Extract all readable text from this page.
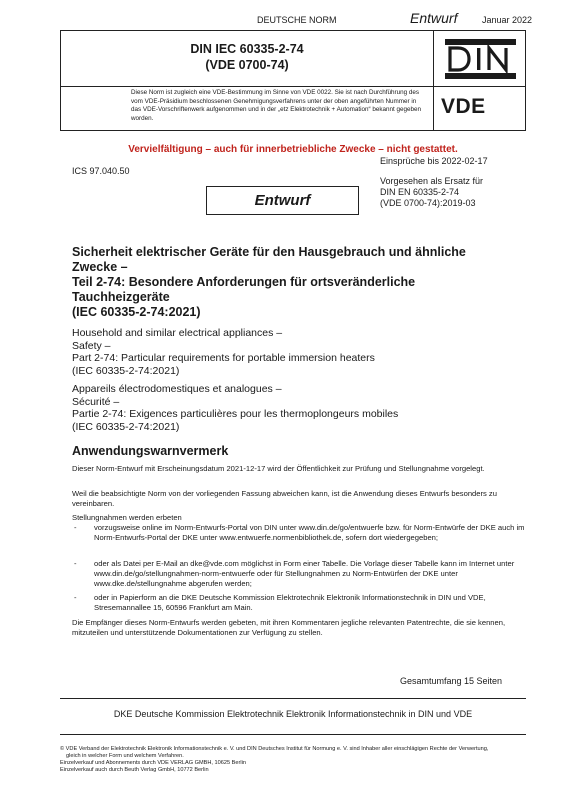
DEUTSCHE NORM	Entwurf	Januar 2022
DIN IEC 60335-2-74
(VDE 0700-74)
Diese Norm ist zugleich eine VDE-Bestimmung im Sinne von VDE 0022. Sie ist nach Durchführung des vom VDE-Präsidium beschlossenen Genehmigungsverfahrens unter der oben angeführten Nummer in das VDE-Vorschriftenwerk aufgenommen und in der „etz Elektrotechnik + Automation“ bekannt gegeben worden.	VDE
Vervielfältigung – auch für innerbetriebliche Zwecke – nicht gestattet.
Einsprüche bis 2022-02-17
ICS 97.040.50
Vorgesehen als Ersatz für
DIN EN 60335-2-74
(VDE 0700-74):2019-03
Entwurf
Sicherheit elektrischer Geräte für den Hausgebrauch und ähnliche
Zwecke –
Teil 2-74: Besondere Anforderungen für ortsveränderliche
Tauchheizgeräte
(IEC 60335-2-74:2021)
Household and similar electrical appliances –
Safety –
Part 2-74: Particular requirements for portable immersion heaters
(IEC 60335-2-74:2021)
Appareils électrodomestiques et analogues –
Sécurité –
Partie 2-74: Exigences particulières pour les thermoplongeurs mobiles
(IEC 60335-2-74:2021)
Anwendungswarnvermerk
Dieser Norm-Entwurf mit Erscheinungsdatum 2021-12-17 wird der Öffentlichkeit zur Prüfung und Stellungnahme vorgelegt.
Weil die beabsichtigte Norm von der vorliegenden Fassung abweichen kann, ist die Anwendung dieses Entwurfs besonders zu vereinbaren.
Stellungnahmen werden erbeten
- vorzugsweise online im Norm-Entwurfs-Portal von DIN unter www.din.de/go/entwuerfe bzw. für Norm-Entwürfe der DKE auch im Norm-Entwurfs-Portal der DKE unter www.entwuerfe.normenbibliothek.de, sofern dort wiedergegeben;
- oder als Datei per E-Mail an dke@vde.com möglichst in Form einer Tabelle. Die Vorlage dieser Tabelle kann im Internet unter www.din.de/go/stellungnahmen-norm-entwuerfe oder für Stellungnahmen zu Norm-Entwürfen der DKE unter www.dke.de/stellungnahme abgerufen werden;
- oder in Papierform an die DKE Deutsche Kommission Elektrotechnik Elektronik Informationstechnik in DIN und VDE, Stresemannallee 15, 60596 Frankfurt am Main.
Die Empfänger dieses Norm-Entwurfs werden gebeten, mit ihren Kommentaren jegliche relevanten Patentrechte, die sie kennen, mitzuteilen und unterstützende Dokumentationen zur Verfügung zu stellen.
Gesamtumfang 15 Seiten
DKE Deutsche Kommission Elektrotechnik Elektronik Informationstechnik in DIN und VDE
© VDE Verband der Elektrotechnik Elektronik Informationstechnik e. V. und DIN Deutsches Institut für Normung e. V. sind Inhaber aller einschlägigen Rechte der Verwertung,
gleich in welcher Form und welchem Verfahren.
Einzelverkauf und Abonnements durch VDE VERLAG GMBH, 10625 Berlin
Einzelverkauf auch durch Beuth Verlag GmbH, 10772 Berlin
